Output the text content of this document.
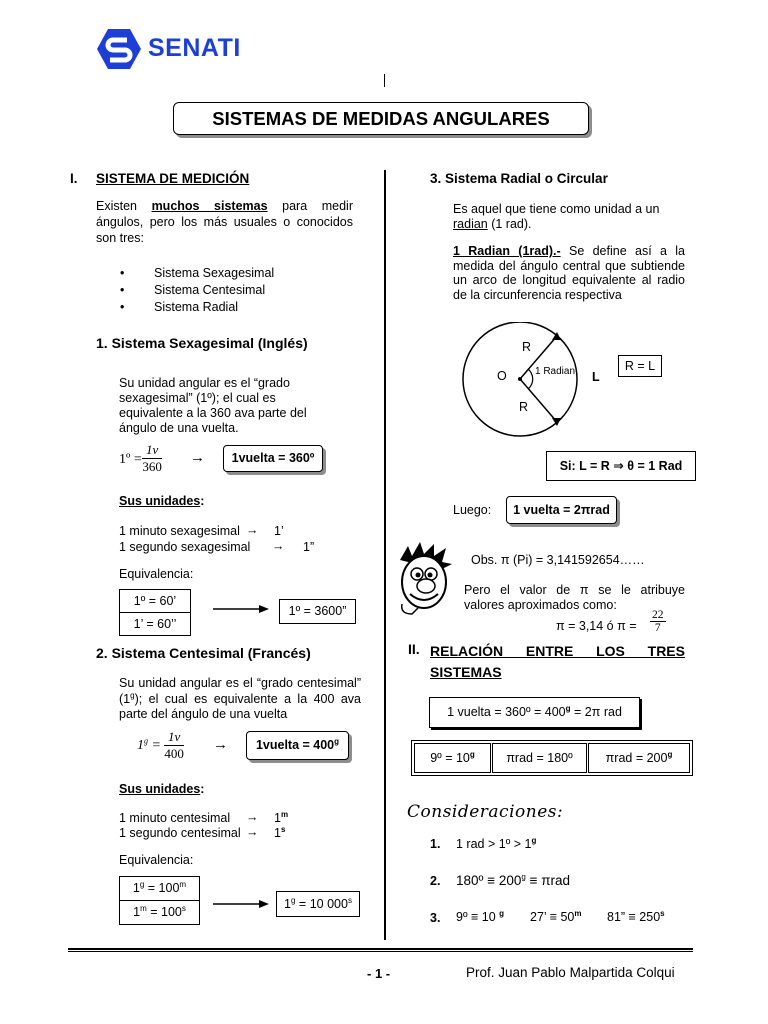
SENATI
SISTEMAS DE MEDIDAS ANGULARES
I. SISTEMA DE MEDICIÓN
Existen muchos sistemas para medir ángulos, pero los más usuales o conocidos son tres:
• Sistema Sexagesimal
• Sistema Centesimal
• Sistema Radial
1. Sistema Sexagesimal (Inglés)
Su unidad angular es el “grado sexagesimal” (1º); el cual es equivalente a la 360 ava parte del ángulo de una vuelta.
1º = $\frac{1v}{360}$ →	1vuelta = 360º
Sus unidades:
1 minuto sexagesimal → 1’
1 segundo sexagesimal → 1”
Equivalencia:
1º = 60’
1’ = 60’’
1º = 3600”
2. Sistema Centesimal (Francés)
Su unidad angular es el “grado centesimal” (1$^g$); el cual es equivalente a la 400 ava parte del ángulo de una vuelta
$1^g = \frac{1v}{400}$ →	1vuelta = $400^g$
Sus unidades:
1 minuto centesimal → $1^m$
1 segundo centesimal → $1^s$
Equivalencia:
$1^g = 100^m$
$1^m = 100^s$	$1^g = 10$ 000$^s$
3. Sistema Radial o Circular
Es aquel que tiene como unidad a un radian (1 rad).
1 Radian (1rad).- Se define así a la medida del ángulo central que subtiende un arco de longitud equivalente al radio de la circunferencia respectiva
R
O	1 Radian
R
L
R = L
Si: L = R ⇒ θ = 1 Rad
Luego:	1 vuelta = 2πrad
Obs. π (Pi) = 3,141592654……
Pero el valor de π se le atribuye valores aproximados como:
π = 3,14 ó $\pi = \frac{22}{7}$
II. RELACIÓN ENTRE LOS TRES SISTEMAS
1 vuelta = 360º = $400^g = 2\pi$ rad
9º = $10^g$	πrad = 180º	$\pi rad = 200^g$
Consideraciones:
1. 1 rad > 1º > $1^g$
2. 180º ≡ $200^g \equiv \pi rad$
3. 9º ≡ 10 $^g$ 27’ ≡ $50^m$ 81” ≡ $250^s$
- 1 -	Prof. Juan Pablo Malpartida Colqui
